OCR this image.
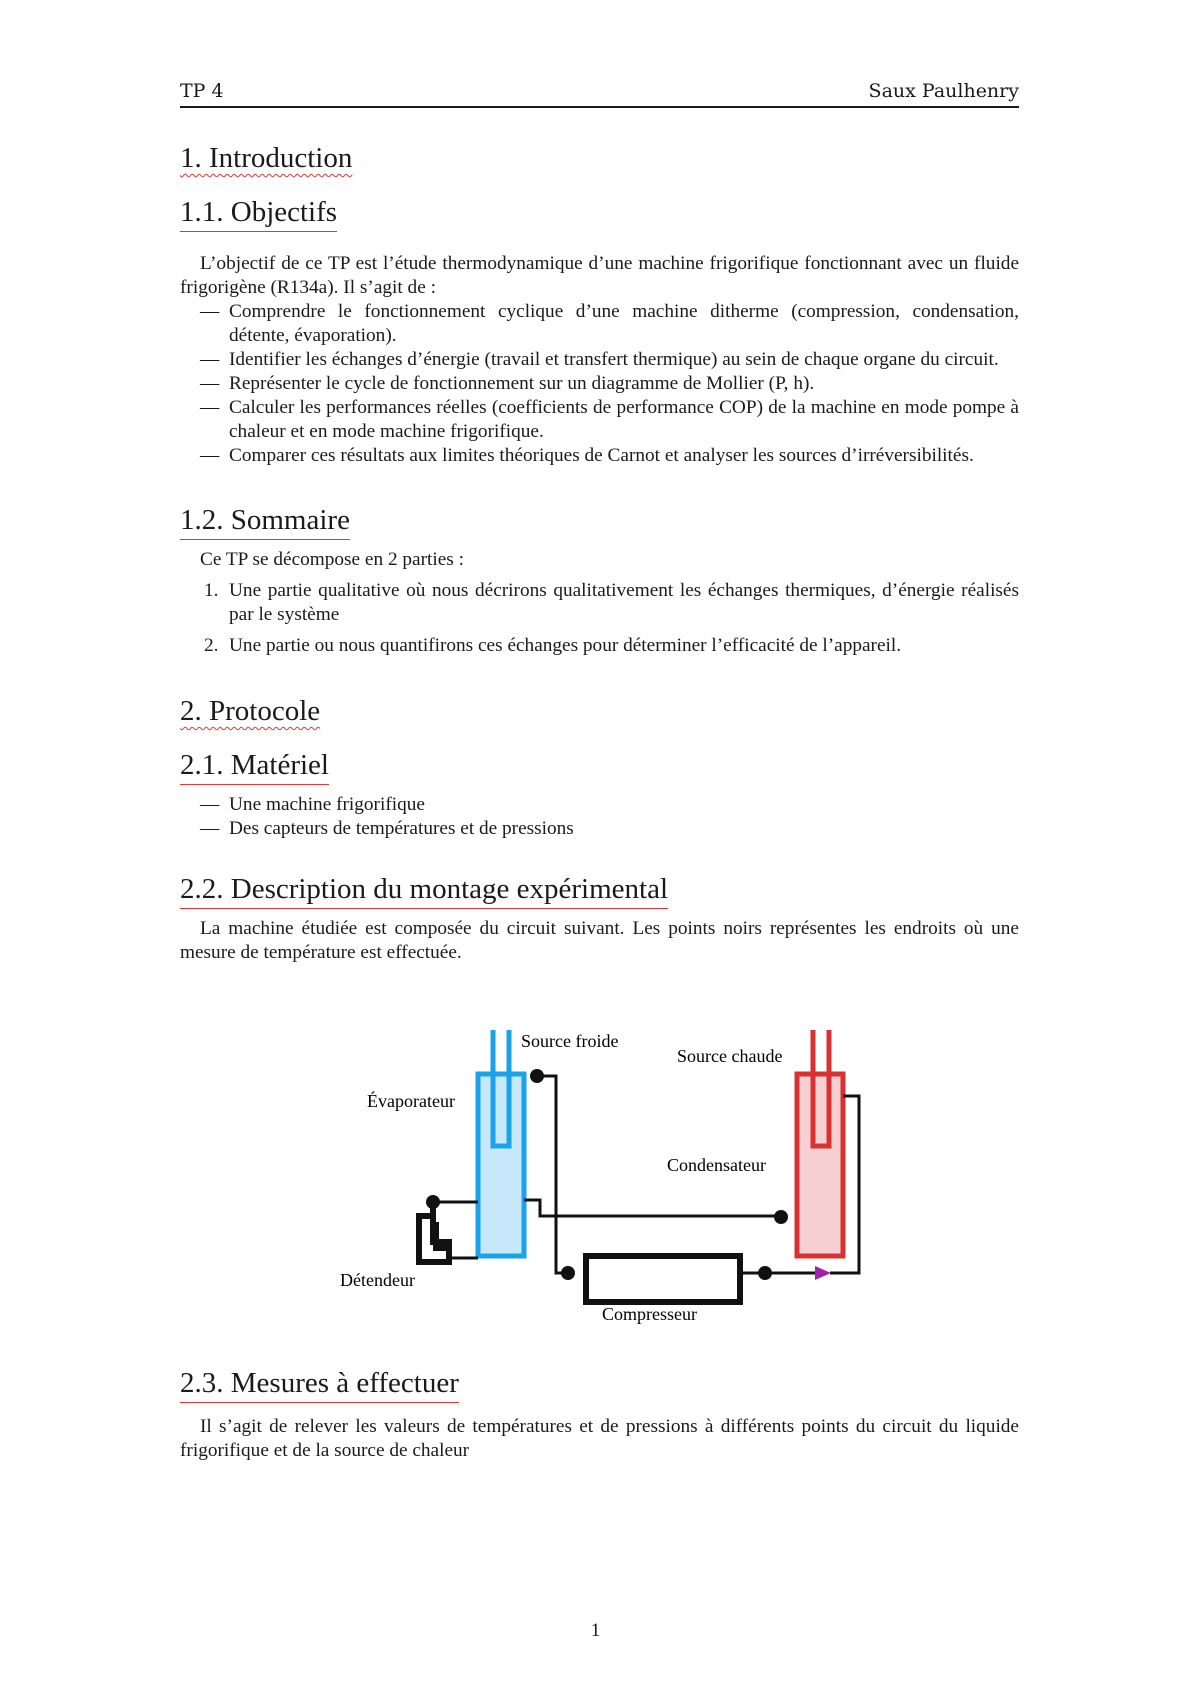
TP 4	Saux Paulhenry
1. Introduction
1.1. Objectifs

L’objectif de ce TP est l’étude thermodynamique d’une machine frigorifique fonctionnant avec un fluide frigorigène (R134a). Il s’agit de :

— Comprendre le fonctionnement cyclique d’une machine ditherme (compression, condensation, détente, évaporation).
— Identifier les échanges d’énergie (travail et transfert thermique) au sein de chaque organe du circuit.
— Représenter le cycle de fonctionnement sur un diagramme de Mollier (P, h).
— Calculer les performances réelles (coefficients de performance COP) de la machine en mode pompe à chaleur et en mode machine frigorifique.
— Comparer ces résultats aux limites théoriques de Carnot et analyser les sources d’irréversibilités.
1.2. Sommaire

Ce TP se décompose en 2 parties :

1. Une partie qualitative où nous décrirons qualitativement les échanges thermiques, d’énergie réalisés par le système
2. Une partie ou nous quantifirons ces échanges pour déterminer l’efficacité de l’appareil.
2. Protocole
2.1. Matériel
— Une machine frigorifique
— Des capteurs de températures et de pressions
2.2. Description du montage expérimental

La machine étudiée est composée du circuit suivant. Les points noirs représentes les endroits où une mesure de température est effectuée.

Source froide
Source chaude
Évaporateur
Condensateur
Détendeur
Compresseur
2.3. Mesures à effectuer

Il s’agit de relever les valeurs de températures et de pressions à différents points du circuit du liquide frigorifique et de la source de chaleur

1
